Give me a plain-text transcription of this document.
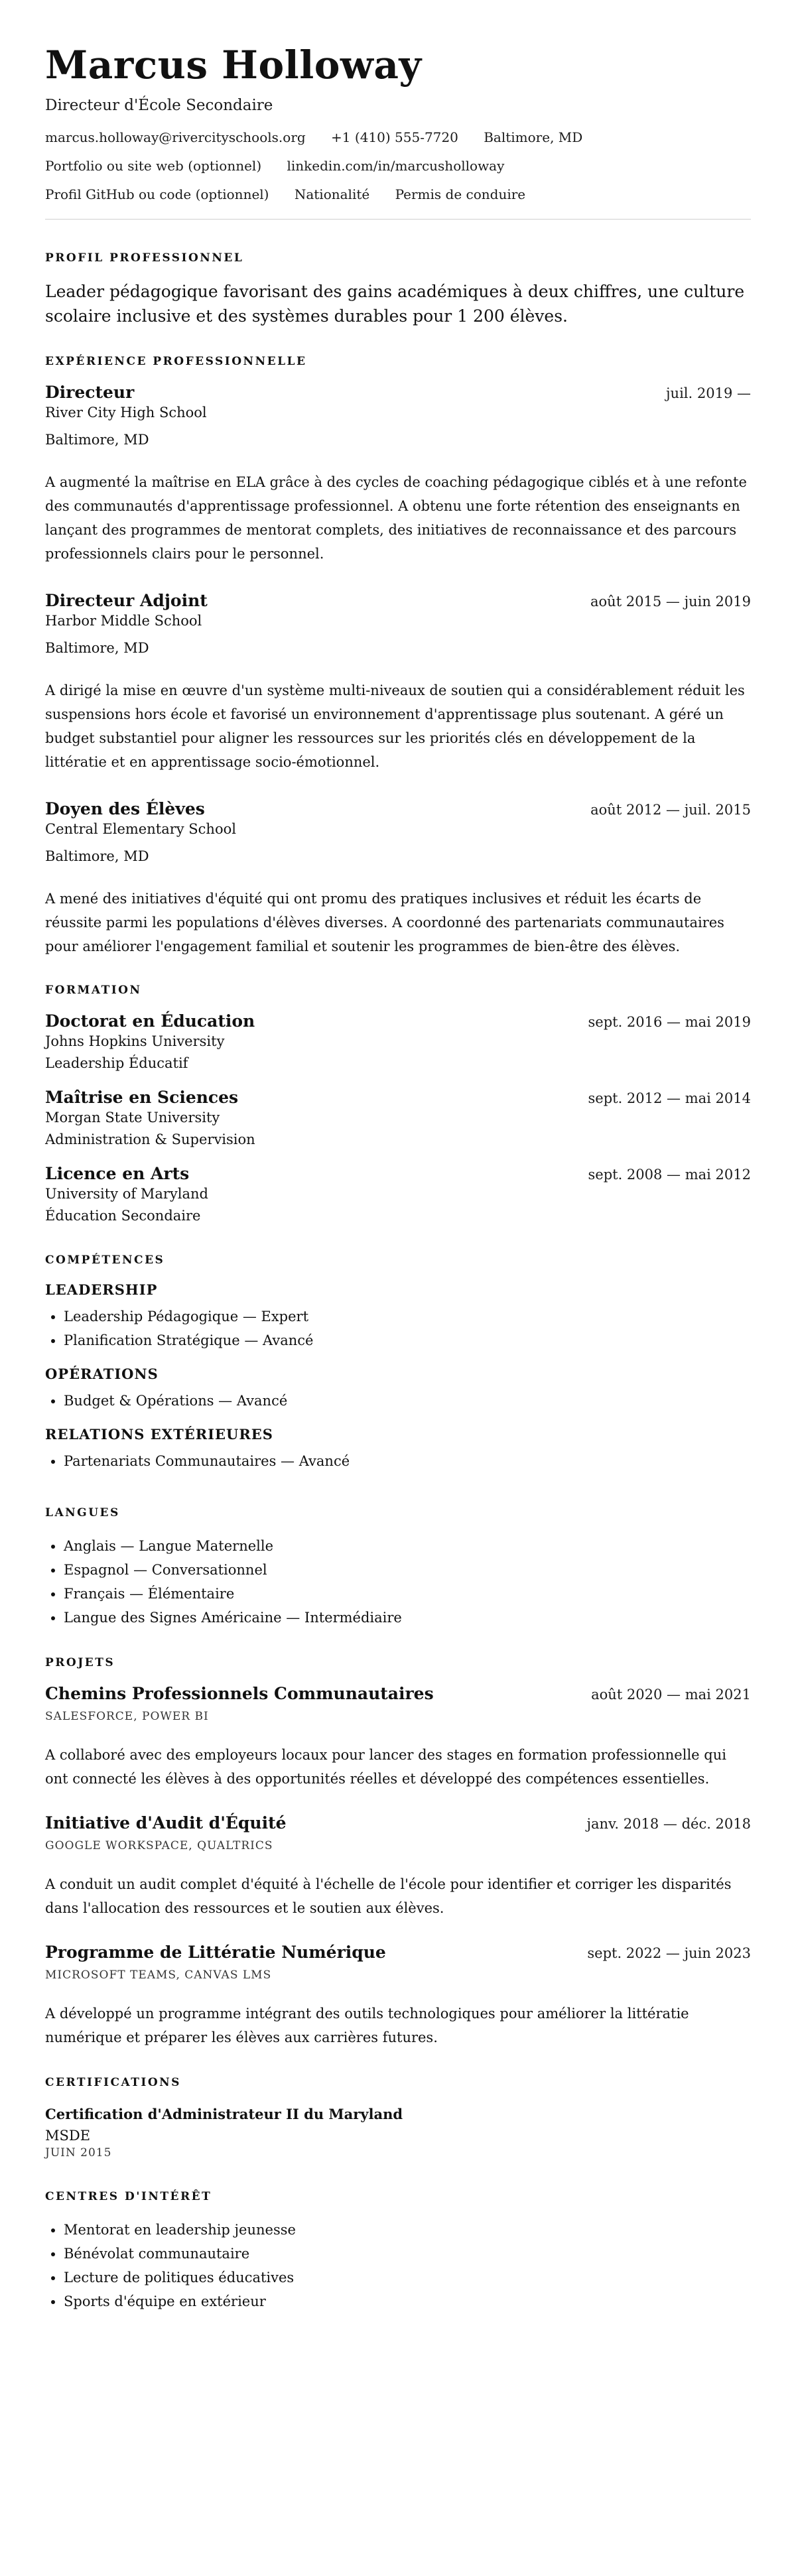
Marcus Holloway
Directeur d'École Secondaire
marcus.holloway@rivercityschools.org +1 (410) 555-7720 Baltimore, MD
Portfolio ou site web (optionnel) linkedin.com/in/marcusholloway
Profil GitHub ou code (optionnel) Nationalité Permis de conduire
PROFIL PROFESSIONNEL

Leader pédagogique favorisant des gains académiques à deux chiffres, une culture scolaire inclusive et des systèmes durables pour 1 200 élèves.

EXPÉRIENCE PROFESSIONNELLE
Directeur	juil. 2019 —
River City High School
Baltimore, MD
A augmenté la maîtrise en ELA grâce à des cycles de coaching pédagogique ciblés et à une refonte des communautés d'apprentissage professionnel. A obtenu une forte rétention des enseignants en lançant des programmes de mentorat complets, des initiatives de reconnaissance et des parcours professionnels clairs pour le personnel.
Directeur Adjoint	août 2015 — juin 2019
Harbor Middle School
Baltimore, MD
A dirigé la mise en œuvre d'un système multi-niveaux de soutien qui a considérablement réduit les suspensions hors école et favorisé un environnement d'apprentissage plus soutenant. A géré un budget substantiel pour aligner les ressources sur les priorités clés en développement de la littératie et en apprentissage socio-émotionnel.
Doyen des Élèves	août 2012 — juil. 2015
Central Elementary School
Baltimore, MD
A mené des initiatives d'équité qui ont promu des pratiques inclusives et réduit les écarts de réussite parmi les populations d'élèves diverses. A coordonné des partenariats communautaires pour améliorer l'engagement familial et soutenir les programmes de bien-être des élèves.
FORMATION
Doctorat en Éducation	sept. 2016 — mai 2019
Johns Hopkins University
Leadership Éducatif
Maîtrise en Sciences	sept. 2012 — mai 2014
Morgan State University
Administration & Supervision
Licence en Arts	sept. 2008 — mai 2012
University of Maryland
Éducation Secondaire
COMPÉTENCES
LEADERSHIP
• Leadership Pédagogique — Expert
• Planification Stratégique — Avancé
OPÉRATIONS
• Budget & Opérations — Avancé
RELATIONS EXTÉRIEURES
• Partenariats Communautaires — Avancé
LANGUES
• Anglais — Langue Maternelle
• Espagnol — Conversationnel
• Français — Élémentaire
• Langue des Signes Américaine — Intermédiaire
PROJETS
Chemins Professionnels Communautaires	août 2020 — mai 2021
SALESFORCE, POWER BI
A collaboré avec des employeurs locaux pour lancer des stages en formation professionnelle qui ont connecté les élèves à des opportunités réelles et développé des compétences essentielles.
Initiative d'Audit d'Équité	janv. 2018 — déc. 2018
GOOGLE WORKSPACE, QUALTRICS
A conduit un audit complet d'équité à l'échelle de l'école pour identifier et corriger les disparités dans l'allocation des ressources et le soutien aux élèves.
Programme de Littératie Numérique	sept. 2022 — juin 2023
MICROSOFT TEAMS, CANVAS LMS
A développé un programme intégrant des outils technologiques pour améliorer la littératie numérique et préparer les élèves aux carrières futures.
CERTIFICATIONS
Certification d'Administrateur II du Maryland
MSDE
JUIN 2015
CENTRES D'INTÉRÊT
• Mentorat en leadership jeunesse
• Bénévolat communautaire
• Lecture de politiques éducatives
• Sports d'équipe en extérieur
